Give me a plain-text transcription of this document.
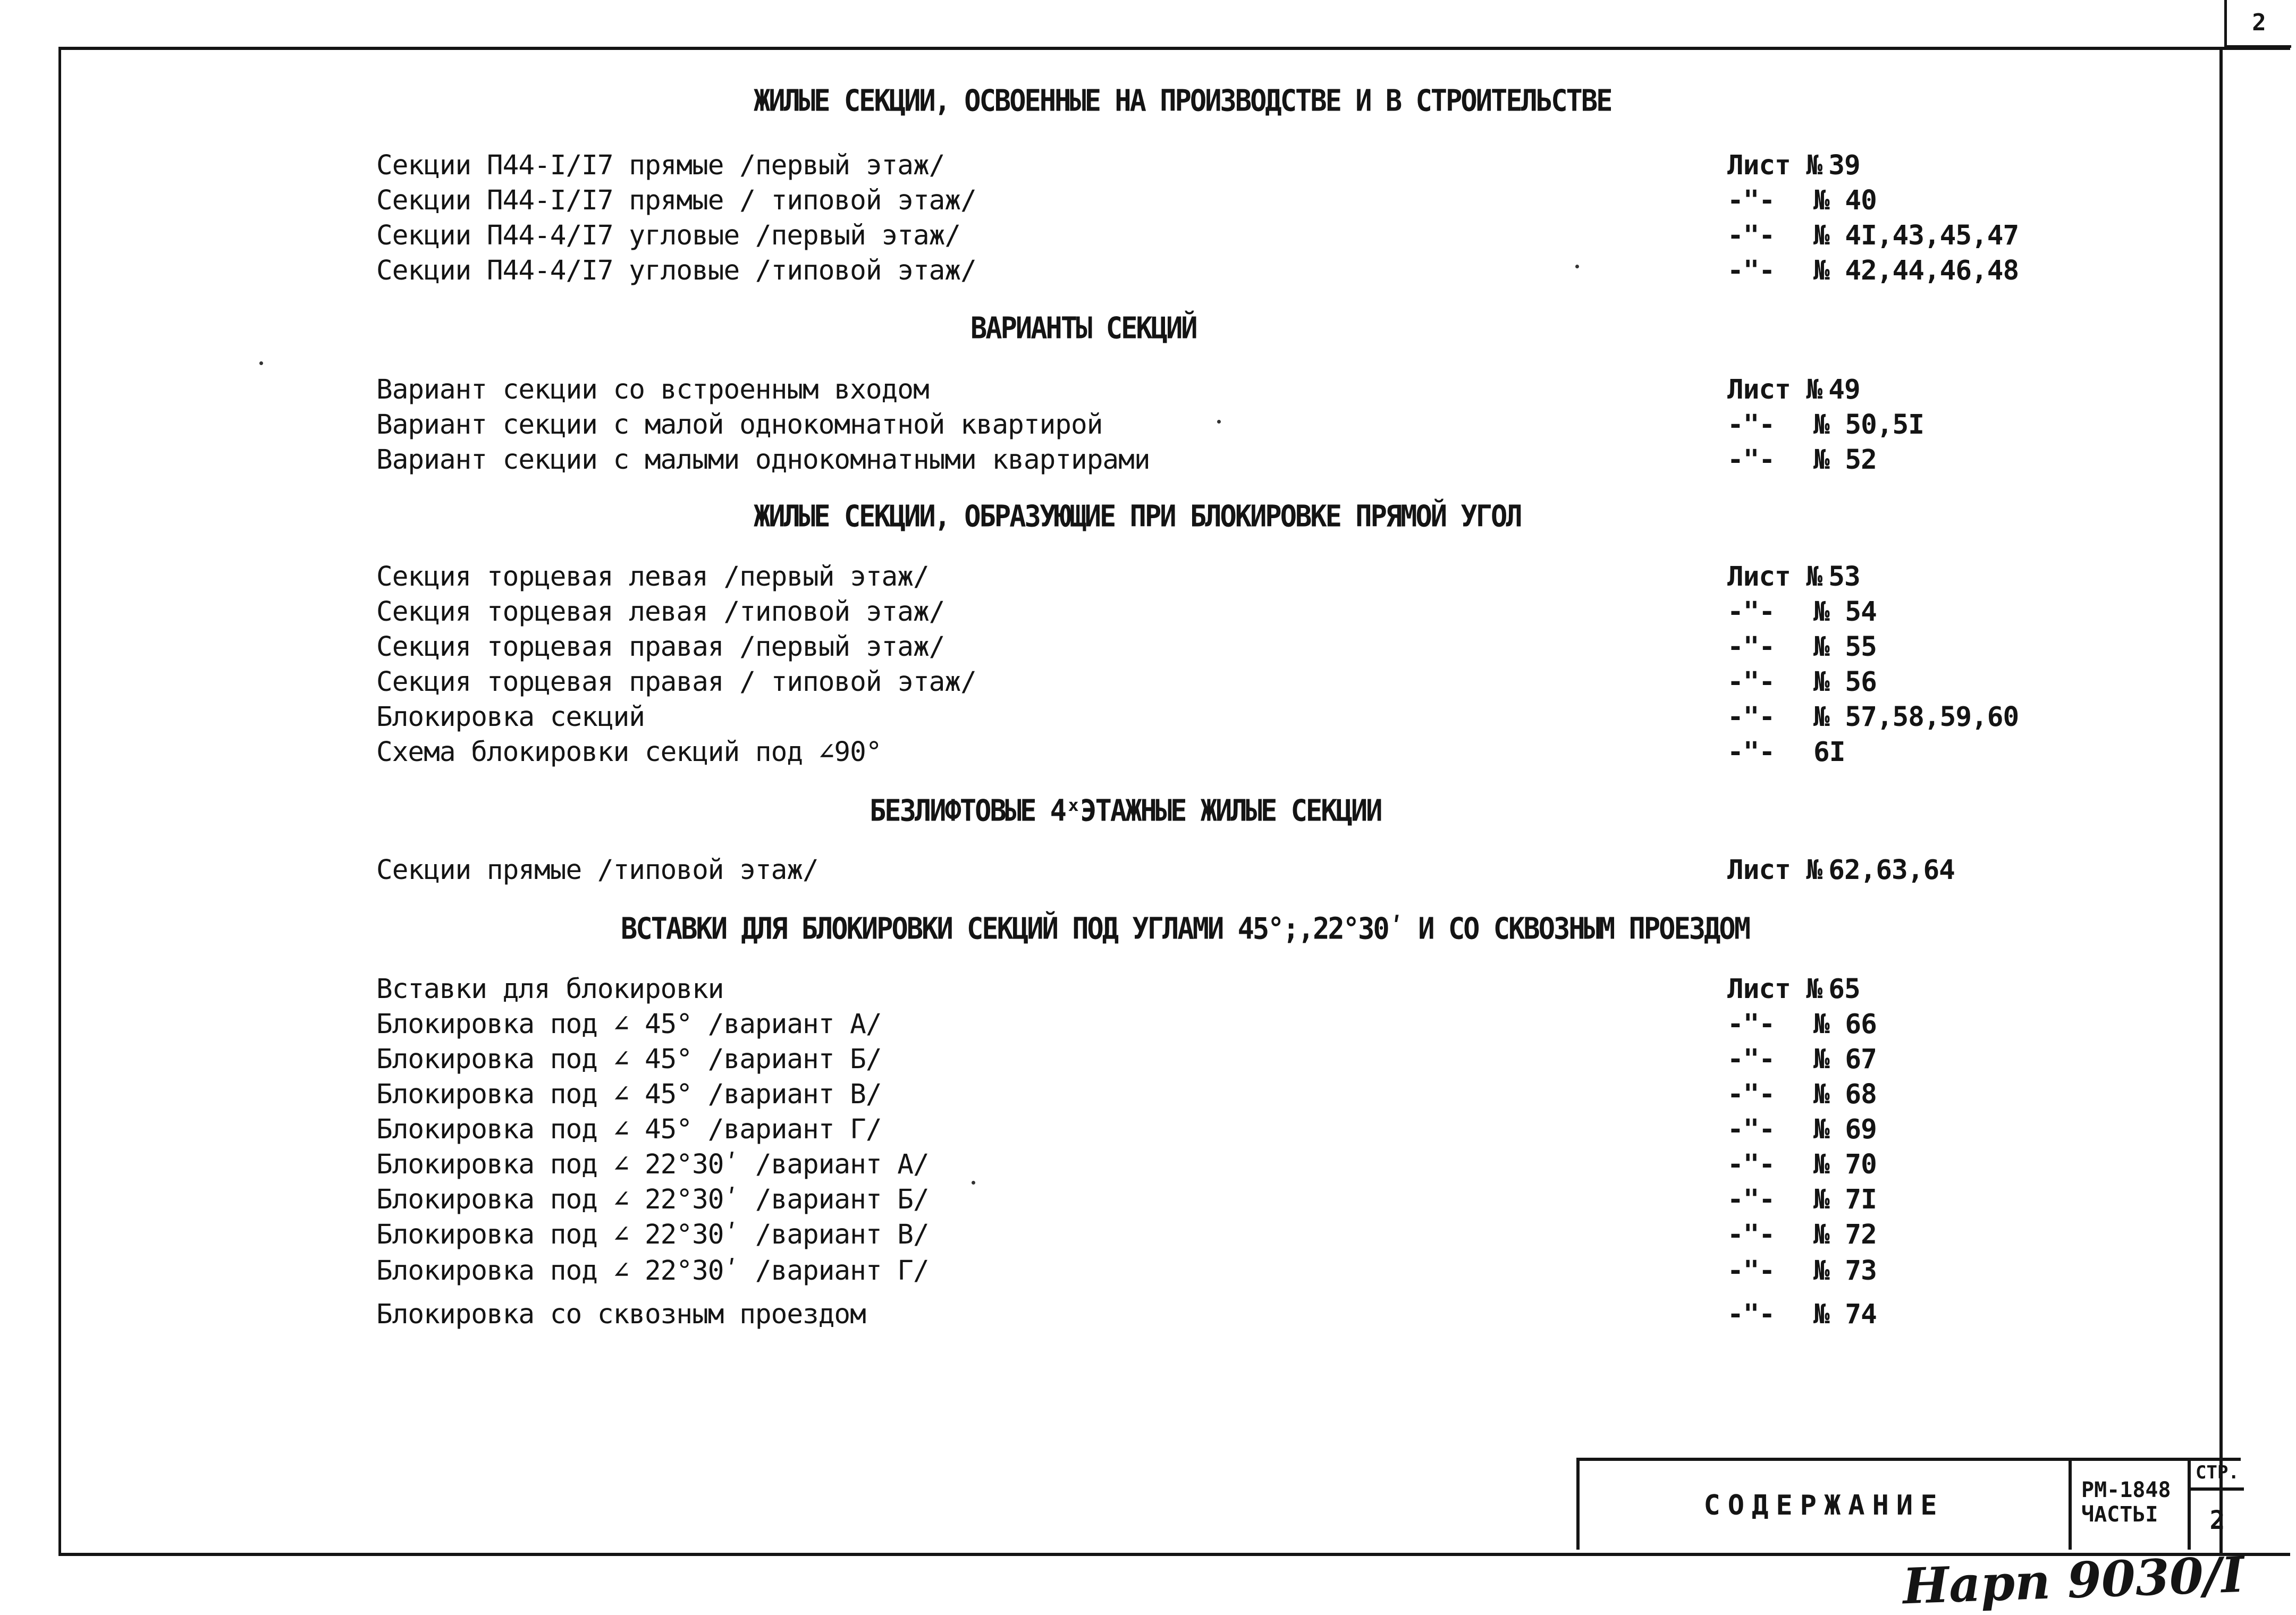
2
ЖИЛЫЕ СЕКЦИИ, ОСВОЕННЫЕ НА ПРОИЗВОДСТВЕ И В СТРОИТЕЛЬСТВЕ
Секции П44-I/I7 прямые /первый этаж/	Лист № 39
Секции П44-I/I7 прямые / типовой этаж/	-"- № 40
Секции П44-4/I7 угловые /первый этаж/	-"- № 4I,43,45,47
Секции П44-4/I7 угловые /типовой этаж/	-"- № 42,44,46,48
ВАРИАНТЫ СЕКЦИЙ
Вариант секции со встроенным входом	Лист № 49
Вариант секции с малой однокомнатной квартирой	-"- № 50,5I
Вариант секции с малыми однокомнатными квартирами	-"- № 52
ЖИЛЫЕ СЕКЦИИ, ОБРАЗУЮЩИЕ ПРИ БЛОКИРОВКЕ ПРЯМОЙ УГОЛ
Секция торцевая левая /первый этаж/	Лист № 53
Секция торцевая левая /типовой этаж/	-"- № 54
Секция торцевая правая /первый этаж/	-"- № 55
Секция торцевая правая / типовой этаж/	-"- № 56
Блокировка секций	-"- № 57,58,59,60
Схема блокировки секций под ∠90°	-"- 6I
БЕЗЛИФТОВЫЕ 4ˣЭТАЖНЫЕ ЖИЛЫЕ СЕКЦИИ
Секции прямые /типовой этаж/	Лист № 62,63,64
ВСТАВКИ ДЛЯ БЛОКИРОВКИ СЕКЦИЙ ПОД УГЛАМИ 45°;,22°30ʹ И СО СКВОЗНЫМ ПРОЕЗДОМ
Вставки для блокировки	Лист № 65
Блокировка под ∠ 45° /вариант А/	-"- № 66
Блокировка под ∠ 45° /вариант Б/	-"- № 67
Блокировка под ∠ 45° /вариант В/	-"- № 68
Блокировка под ∠ 45° /вариант Г/	-"- № 69
Блокировка под ∠ 22°30ʹ /вариант А/	-"- № 70
Блокировка под ∠ 22°30ʹ /вариант Б/	-"- № 7I
Блокировка под ∠ 22°30ʹ /вариант В/	-"- № 72
Блокировка под ∠ 22°30ʹ /вариант Г/	-"- № 73
Блокировка со сквозным проездом	-"- № 74
СОДЕРЖАНИЕ	РМ-1848
ЧАСТЬI
СТР.
2
Нарп 9030/I
